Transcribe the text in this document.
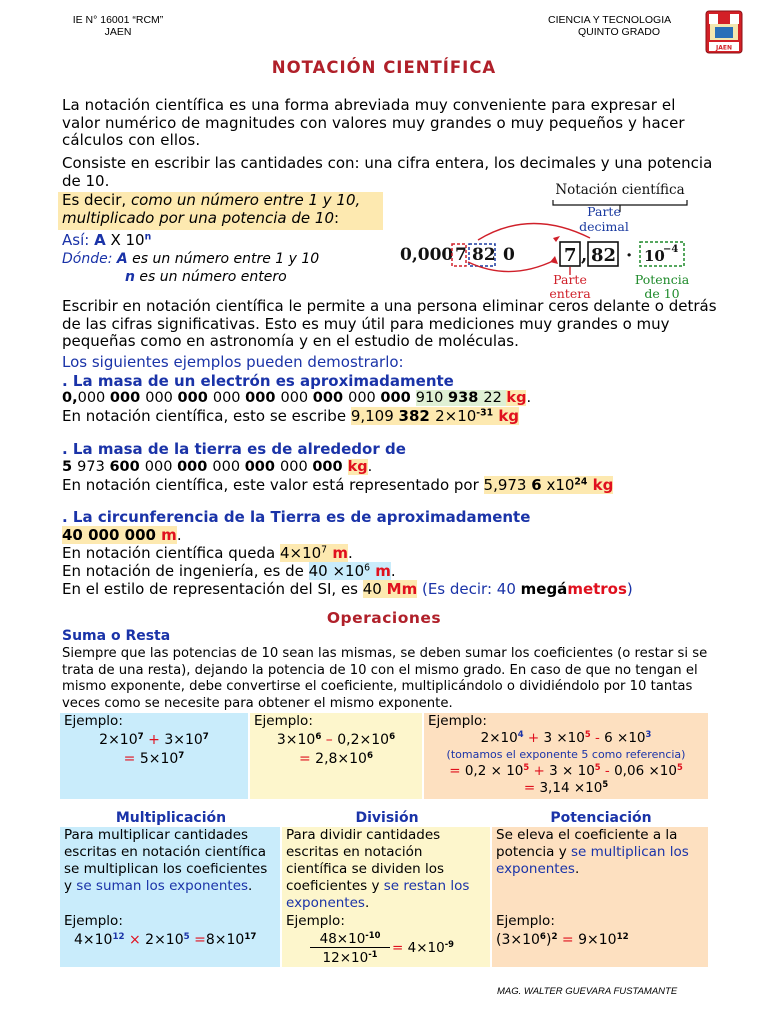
IE N° 16001 “RCM”
JAEN
CIENCIA Y TECNOLOGIA
QUINTO GRADO
JAEN
NOTACIÓN CIENTÍFICA
La notación científica es una forma abreviada muy conveniente para expresar el valor numérico de magnitudes con valores muy grandes o muy pequeños y hacer cálculos con ellos.
Consiste en escribir las cantidades con: una cifra entera, los decimales y una potencia de 10.
Es decir, como un número entre 1 y 10,
multiplicado por una potencia de 10:
Así: A X 10$^n$
Dónde: A es un número entre 1 y 10
n es un número entero
Notación científica
Parte
decimal
0,000 7 82 0	7 , 82 · 10
−4
Parte
entera
Potencia
de 10
Escribir en notación científica le permite a una persona eliminar ceros delante o detrás de las cifras significativas. Esto es muy útil para mediciones muy grandes o muy pequeñas como en astronomía y en el estudio de moléculas.
Los siguientes ejemplos pueden demostrarlo:
. La masa de un electrón es aproximadamente
0,000 000 000 000 000 000 000 000 000 000 910 938 22 kg.
En notación científica, esto se escribe 9,109 382 $2\times 10^{-31}$ kg
. La masa de la tierra es de alrededor de
5 973 600 000 000 000 000 000 000 kg.
En notación científica, este valor está representado por 5,973 6 $x10^{24}$ kg
. La circunferencia de la Tierra es de aproximadamente
40 000 000 m.
En notación científica queda $4\times 10^7$ m.
En notación de ingeniería, es de $40 \times 10^6$ m.
En el estilo de representación del SI, es 40 Mm (Es decir: 40 megámetros)
Operaciones
Suma o Resta
Siempre que las potencias de 10 sean las mismas, se deben sumar los coeficientes (o restar si se trata de una resta), dejando la potencia de 10 con el mismo grado. En caso de que no tengan el mismo exponente, debe convertirse el coeficiente, multiplicándolo o dividiéndolo por 10 tantas veces como se necesite para obtener el mismo exponente.
Ejemplo:
$2\times 10^7 + 3\times 10^7$
= $5\times 10^7$
Ejemplo:
$3\times 10^6 - 0,2\times 10^6$
= $2,8\times 10^6$
Ejemplo:
$2\times 10^4 + 3 \times 10^5 - 6 \times 10^3$
(tomamos el exponente 5 como referencia)
= $0,2 \times 10^5 + 3 \times 10^5 - 0,06 \times 10^5$
= $3,14 \times 10^5$
Multiplicación	División	Potenciación
Para multiplicar cantidades escritas en notación científica se multiplican los coeficientes y se suman los exponentes.
Ejemplo:
$4\times 10^{12} \times 2\times 10^5 =8\times 10^{17}$
Para dividir cantidades escritas en notación científica se dividen los coeficientes y se restan los exponentes.
Ejemplo:
$48\times 10^{-10}$
$12\times 10^{-1}$	= $4\times 10^{-9}$
Se eleva el coeficiente a la potencia y se multiplican los exponentes.
Ejemplo:
$(3\times 10^6)^2 = 9\times 10^{12}$
MAG. WALTER GUEVARA FUSTAMANTE
